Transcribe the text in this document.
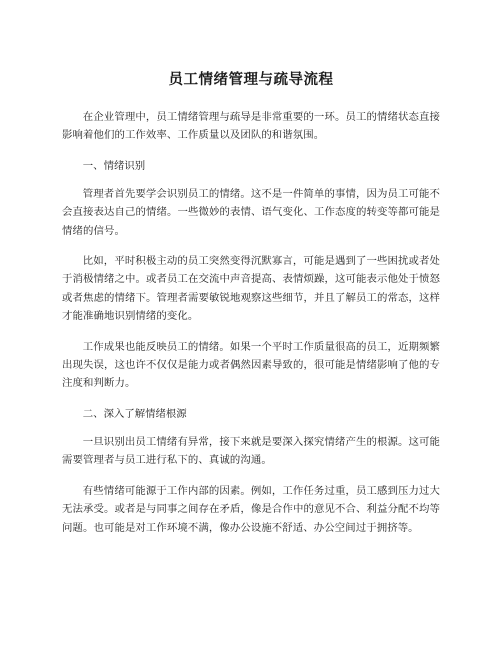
员工情绪管理与疏导流程

在企业管理中，员工情绪管理与疏导是非常重要的一环。员工的情绪状态直接影响着他们的工作效率、工作质量以及团队的和谐氛围。

一、情绪识别

管理者首先要学会识别员工的情绪。这不是一件简单的事情，因为员工可能不会直接表达自己的情绪。一些微妙的表情、语气变化、工作态度的转变等都可能是情绪的信号。

比如，平时积极主动的员工突然变得沉默寡言，可能是遇到了一些困扰或者处于消极情绪之中。或者员工在交流中声音提高、表情烦躁，这可能表示他处于愤怒或者焦虑的情绪下。管理者需要敏锐地观察这些细节，并且了解员工的常态，这样才能准确地识别情绪的变化。

工作成果也能反映员工的情绪。如果一个平时工作质量很高的员工，近期频繁出现失误，这也许不仅仅是能力或者偶然因素导致的，很可能是情绪影响了他的专注度和判断力。

二、深入了解情绪根源

一旦识别出员工情绪有异常，接下来就是要深入探究情绪产生的根源。这可能需要管理者与员工进行私下的、真诚的沟通。

有些情绪可能源于工作内部的因素。例如，工作任务过重，员工感到压力过大无法承受。或者是与同事之间存在矛盾，像是合作中的意见不合、利益分配不均等问题。也可能是对工作环境不满，像办公设施不舒适、办公空间过于拥挤等。
